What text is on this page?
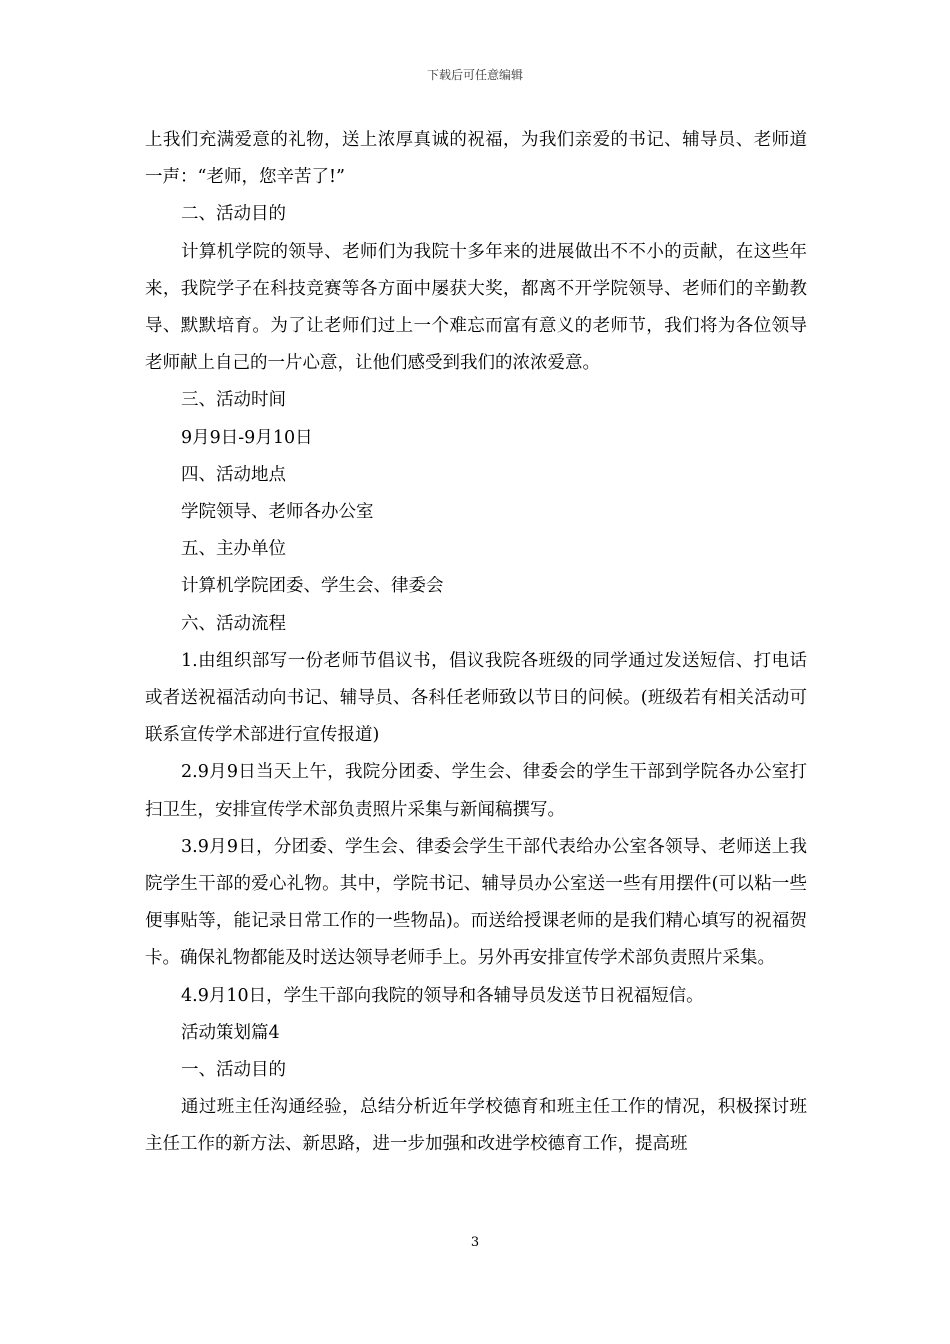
下载后可任意编辑

上我们充满爱意的礼物，送上浓厚真诚的祝福，为我们亲爱的书记、辅导员、老师道一声：“老师，您辛苦了!”

二、活动目的

计算机学院的领导、老师们为我院十多年来的进展做出不不小的贡献，在这些年来，我院学子在科技竞赛等各方面中屡获大奖，都离不开学院领导、老师们的辛勤教导、默默培育。为了让老师们过上一个难忘而富有意义的老师节，我们将为各位领导老师献上自己的一片心意，让他们感受到我们的浓浓爱意。

三、活动时间

9月9日-9月10日

四、活动地点

学院领导、老师各办公室

五、主办单位

计算机学院团委、学生会、律委会

六、活动流程

1.由组织部写一份老师节倡议书，倡议我院各班级的同学通过发送短信、打电话或者送祝福活动向书记、辅导员、各科任老师致以节日的问候。(班级若有相关活动可联系宣传学术部进行宣传报道)

2.9月9日当天上午，我院分团委、学生会、律委会的学生干部到学院各办公室打扫卫生，安排宣传学术部负责照片采集与新闻稿撰写。

3.9月9日，分团委、学生会、律委会学生干部代表给办公室各领导、老师送上我院学生干部的爱心礼物。其中，学院书记、辅导员办公室送一些有用摆件(可以粘一些便事贴等，能记录日常工作的一些物品)。而送给授课老师的是我们精心填写的祝福贺卡。确保礼物都能及时送达领导老师手上。另外再安排宣传学术部负责照片采集。

4.9月10日，学生干部向我院的领导和各辅导员发送节日祝福短信。

活动策划篇4

一、活动目的

通过班主任沟通经验，总结分析近年学校德育和班主任工作的情况，积极探讨班主任工作的新方法、新思路，进一步加强和改进学校德育工作，提高班

3
